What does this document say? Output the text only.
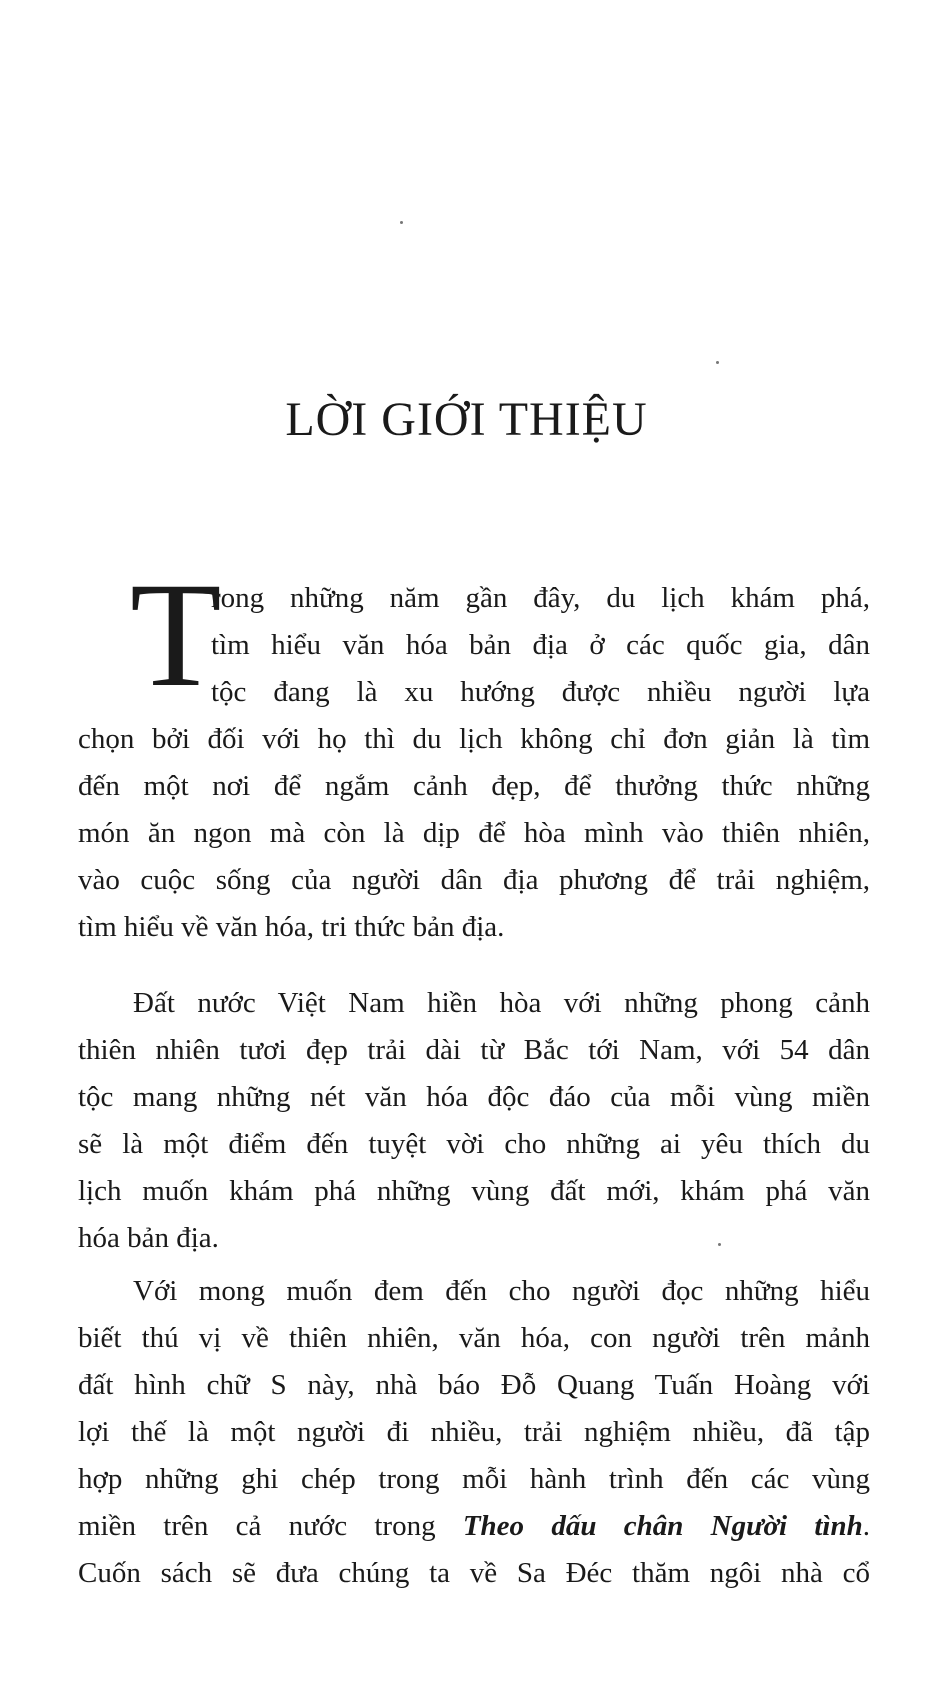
LỜI GIỚI THIỆU
T
rong những năm gần đây, du lịch khám phá,
tìm hiểu văn hóa bản địa ở các quốc gia, dân
tộc đang là xu hướng được nhiều người lựa
chọn bởi đối với họ thì du lịch không chỉ đơn giản là tìm
đến một nơi để ngắm cảnh đẹp, để thưởng thức những
món ăn ngon mà còn là dịp để hòa mình vào thiên nhiên,
vào cuộc sống của người dân địa phương để trải nghiệm,
tìm hiểu về văn hóa, tri thức bản địa.
Đất nước Việt Nam hiền hòa với những phong cảnh
thiên nhiên tươi đẹp trải dài từ Bắc tới Nam, với 54 dân
tộc mang những nét văn hóa độc đáo của mỗi vùng miền
sẽ là một điểm đến tuyệt vời cho những ai yêu thích du
lịch muốn khám phá những vùng đất mới, khám phá văn
hóa bản địa.
Với mong muốn đem đến cho người đọc những hiểu
biết thú vị về thiên nhiên, văn hóa, con người trên mảnh
đất hình chữ S này, nhà báo Đỗ Quang Tuấn Hoàng với
lợi thế là một người đi nhiều, trải nghiệm nhiều, đã tập
hợp những ghi chép trong mỗi hành trình đến các vùng
miền trên cả nước trong Theo dấu chân Người tình.
Cuốn sách sẽ đưa chúng ta về Sa Đéc thăm ngôi nhà cổ
